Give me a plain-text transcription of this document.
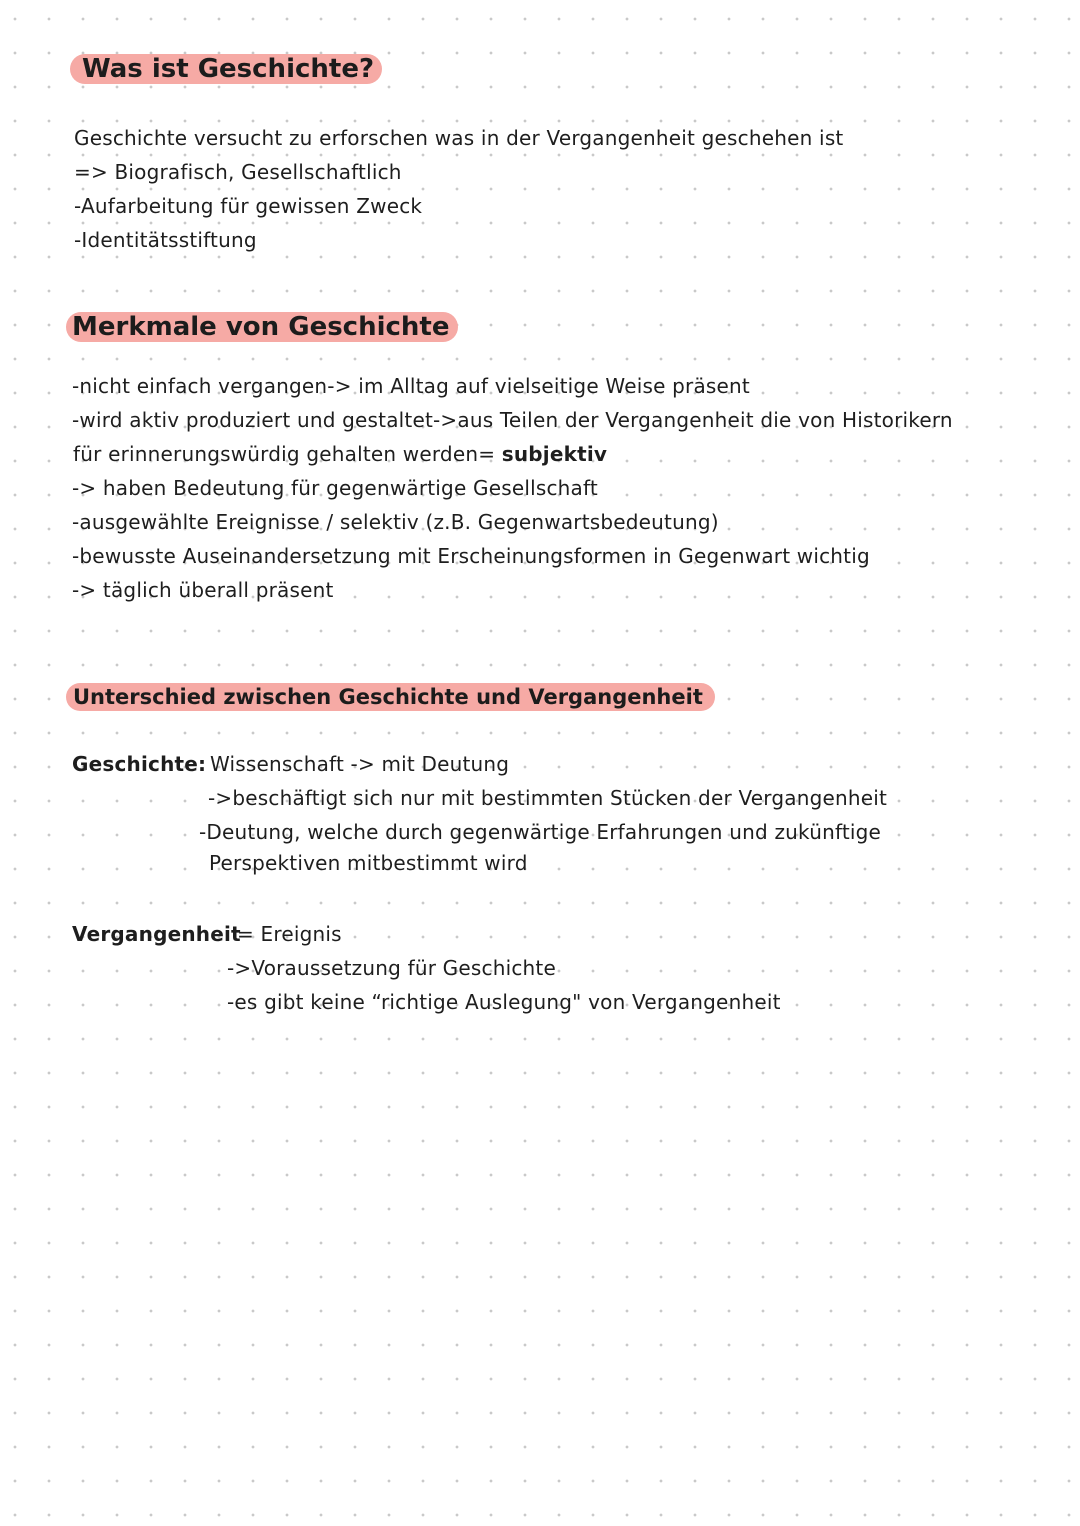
Was ist Geschichte?
Geschichte versucht zu erforschen was in der Vergangenheit geschehen ist
=> Biografisch, Gesellschaftlich
-Aufarbeitung für gewissen Zweck
-Identitätsstiftung
Merkmale von Geschichte
-nicht einfach vergangen-> im Alltag auf vielseitige Weise präsent
-wird aktiv produziert und gestaltet->aus Teilen der Vergangenheit die von Historikern
für erinnerungswürdig gehalten werden= subjektiv
-> haben Bedeutung für gegenwärtige Gesellschaft
-ausgewählte Ereignisse / selektiv (z.B. Gegenwartsbedeutung)
-bewusste Auseinandersetzung mit Erscheinungsformen in Gegenwart wichtig
-> täglich überall präsent
Unterschied zwischen Geschichte und Vergangenheit
Geschichte: Wissenschaft -> mit Deutung
->beschäftigt sich nur mit bestimmten Stücken der Vergangenheit
-Deutung, welche durch gegenwärtige Erfahrungen und zukünftige
Perspektiven mitbestimmt wird
Vergangenheit
= Ereignis
->Voraussetzung für Geschichte
-es gibt keine “richtige Auslegung" von Vergangenheit
